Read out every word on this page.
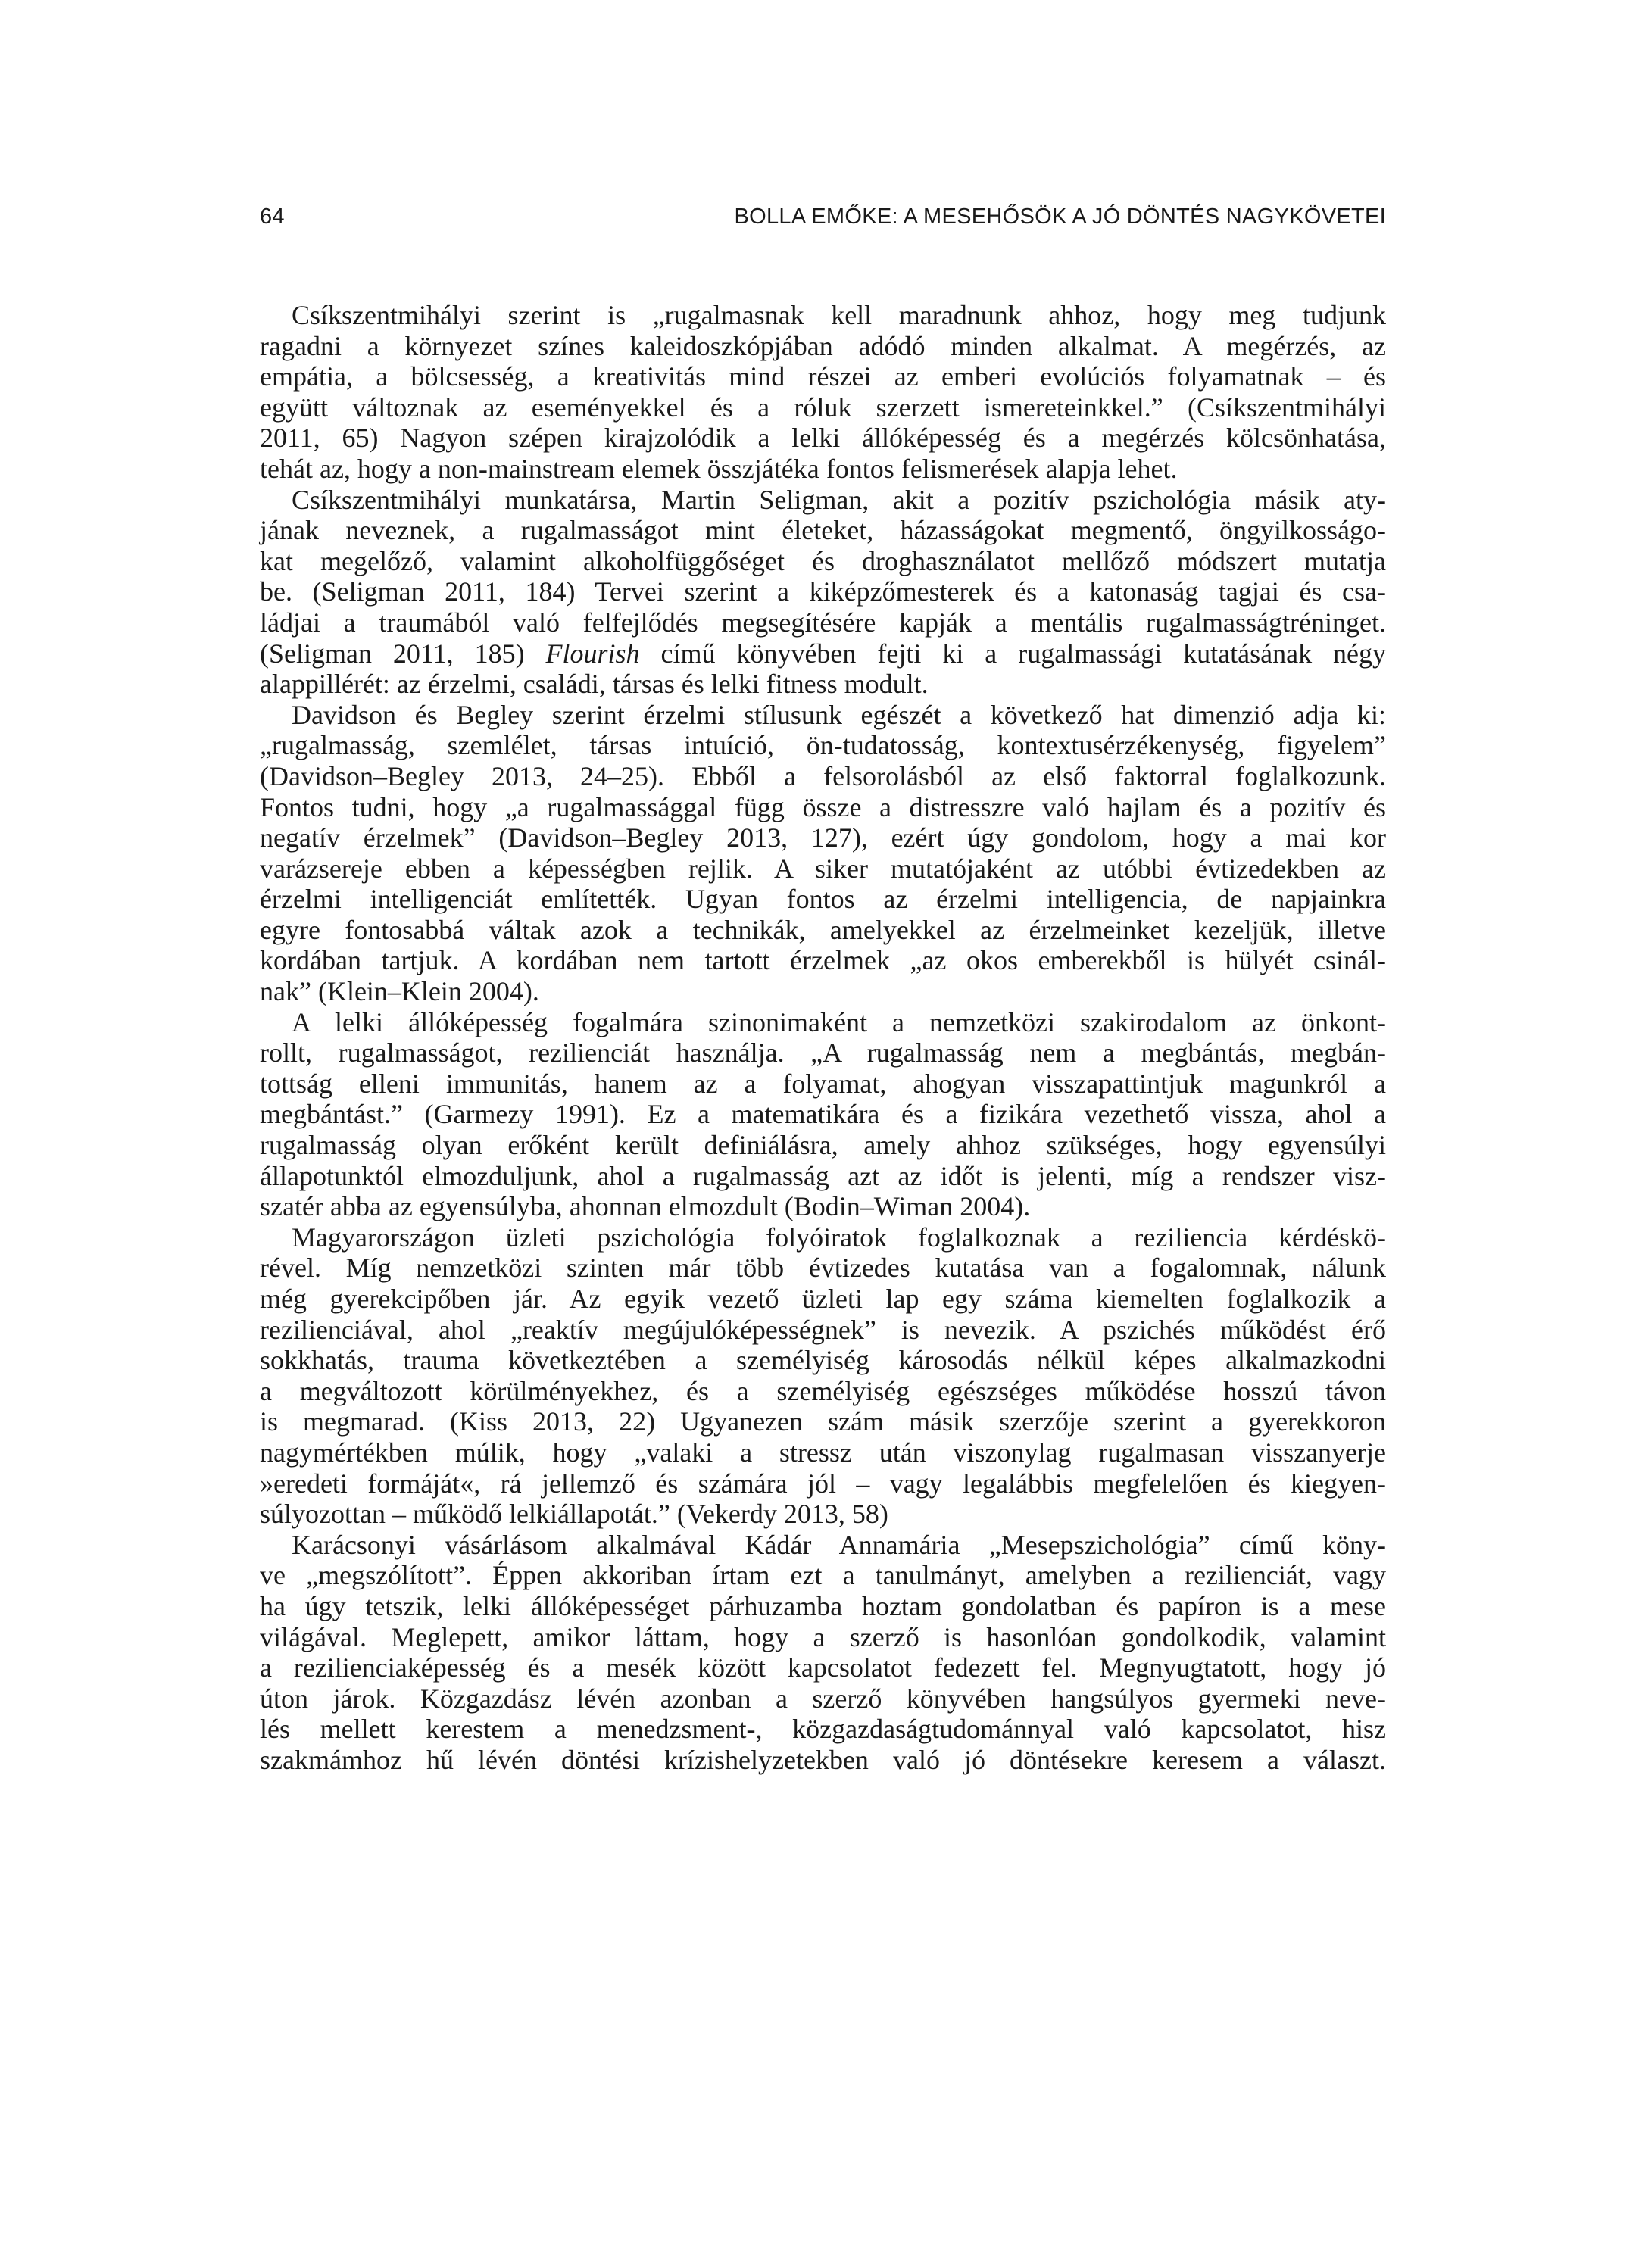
64	BOLLA EMŐKE: A MESEHŐSÖK A JÓ DÖNTÉS NAGYKÖVETEI

Csíkszentmihályi szerint is „rugalmasnak kell maradnunk ahhoz, hogy meg tudjunk
ragadni a környezet színes kaleidoszkópjában adódó minden alkalmat. A megérzés, az
empátia, a bölcsesség, a kreativitás mind részei az emberi evolúciós folyamatnak – és
együtt változnak az eseményekkel és a róluk szerzett ismereteinkkel.” (Csíkszentmihályi
2011, 65) Nagyon szépen kirajzolódik a lelki állóképesség és a megérzés kölcsönhatása,
tehát az, hogy a non-mainstream elemek összjátéka fontos felismerések alapja lehet.

Csíkszentmihályi munkatársa, Martin Seligman, akit a pozitív pszichológia másik aty-
jának neveznek, a rugalmasságot mint életeket, házasságokat megmentő, öngyilkosságo-
kat megelőző, valamint alkoholfüggőséget és droghasználatot mellőző módszert mutatja
be. (Seligman 2011, 184) Tervei szerint a kiképzőmesterek és a katonaság tagjai és csa-
ládjai a traumából való felfejlődés megsegítésére kapják a mentális rugalmasságtréninget.
(Seligman 2011, 185) Flourish című könyvében fejti ki a rugalmassági kutatásának négy
alappillérét: az érzelmi, családi, társas és lelki fitness modult.

Davidson és Begley szerint érzelmi stílusunk egészét a következő hat dimenzió adja ki:
„rugalmasság, szemlélet, társas intuíció, ön-tudatosság, kontextusérzékenység, figyelem”
(Davidson–Begley 2013, 24–25). Ebből a felsorolásból az első faktorral foglalkozunk.
Fontos tudni, hogy „a rugalmassággal függ össze a distresszre való hajlam és a pozitív és
negatív érzelmek” (Davidson–Begley 2013, 127), ezért úgy gondolom, hogy a mai kor
varázsereje ebben a képességben rejlik. A siker mutatójaként az utóbbi évtizedekben az
érzelmi intelligenciát említették. Ugyan fontos az érzelmi intelligencia, de napjainkra
egyre fontosabbá váltak azok a technikák, amelyekkel az érzelmeinket kezeljük, illetve
kordában tartjuk. A kordában nem tartott érzelmek „az okos emberekből is hülyét csinál-
nak” (Klein–Klein 2004).

A lelki állóképesség fogalmára szinonimaként a nemzetközi szakirodalom az önkont-
rollt, rugalmasságot, rezilienciát használja. „A rugalmasság nem a megbántás, megbán-
tottság elleni immunitás, hanem az a folyamat, ahogyan visszapattintjuk magunkról a
megbántást.” (Garmezy 1991). Ez a matematikára és a fizikára vezethető vissza, ahol a
rugalmasság olyan erőként került definiálásra, amely ahhoz szükséges, hogy egyensúlyi
állapotunktól elmozduljunk, ahol a rugalmasság azt az időt is jelenti, míg a rendszer visz-
szatér abba az egyensúlyba, ahonnan elmozdult (Bodin–Wiman 2004).

Magyarországon üzleti pszichológia folyóiratok foglalkoznak a reziliencia kérdéskö-
rével. Míg nemzetközi szinten már több évtizedes kutatása van a fogalomnak, nálunk
még gyerekcipőben jár. Az egyik vezető üzleti lap egy száma kiemelten foglalkozik a
rezilienciával, ahol „reaktív megújulóképességnek” is nevezik. A pszichés működést érő
sokkhatás, trauma következtében a személyiség károsodás nélkül képes alkalmazkodni
a megváltozott körülményekhez, és a személyiség egészséges működése hosszú távon
is megmarad. (Kiss 2013, 22) Ugyanezen szám másik szerzője szerint a gyerekkoron
nagymértékben múlik, hogy „valaki a stressz után viszonylag rugalmasan visszanyerje
»eredeti formáját«, rá jellemző és számára jól – vagy legalábbis megfelelően és kiegyen-
súlyozottan – működő lelkiállapotát.” (Vekerdy 2013, 58)

Karácsonyi vásárlásom alkalmával Kádár Annamária „Mesepszichológia” című köny-
ve „megszólított”. Éppen akkoriban írtam ezt a tanulmányt, amelyben a rezilienciát, vagy
ha úgy tetszik, lelki állóképességet párhuzamba hoztam gondolatban és papíron is a mese
világával. Meglepett, amikor láttam, hogy a szerző is hasonlóan gondolkodik, valamint
a rezilienciaképesség és a mesék között kapcsolatot fedezett fel. Megnyugtatott, hogy jó
úton járok. Közgazdász lévén azonban a szerző könyvében hangsúlyos gyermeki neve-
lés mellett kerestem a menedzsment-, közgazdaságtudománnyal való kapcsolatot, hisz
szakmámhoz hű lévén döntési krízishelyzetekben való jó döntésekre keresem a választ.
